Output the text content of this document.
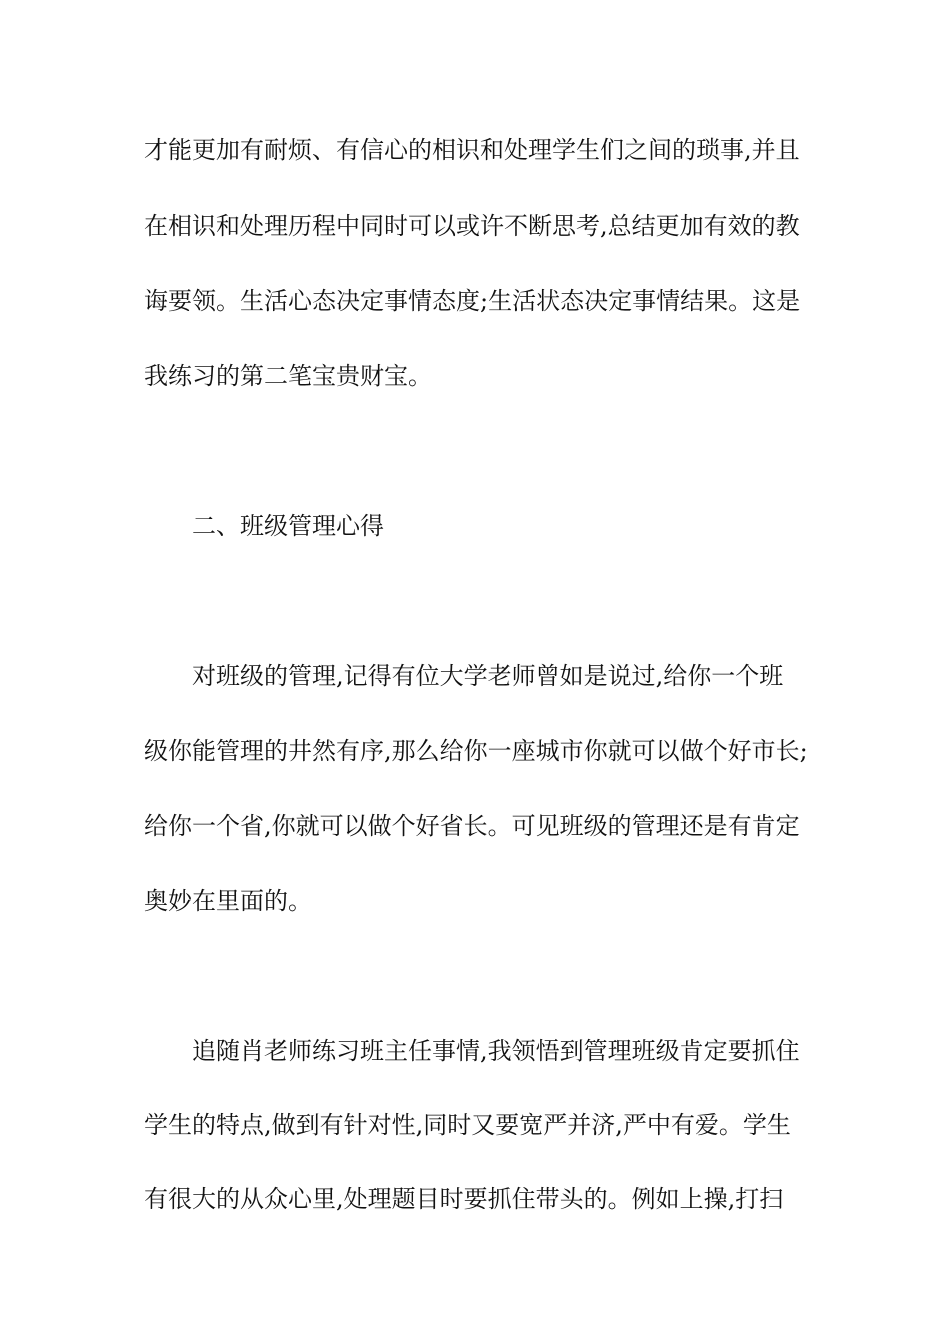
才能更加有耐烦、有信心的相识和处理学生们之间的琐事,并且
在相识和处理历程中同时可以或许不断思考,总结更加有效的教
诲要领。生活心态决定事情态度;生活状态决定事情结果。这是
我练习的第二笔宝贵财宝。
二、班级管理心得
对班级的管理,记得有位大学老师曾如是说过,给你一个班
级你能管理的井然有序,那么给你一座城市你就可以做个好市长;
给你一个省,你就可以做个好省长。可见班级的管理还是有肯定
奥妙在里面的。
追随肖老师练习班主任事情,我领悟到管理班级肯定要抓住
学生的特点,做到有针对性,同时又要宽严并济,严中有爱。学生
有很大的从众心里,处理题目时要抓住带头的。例如上操,打扫
